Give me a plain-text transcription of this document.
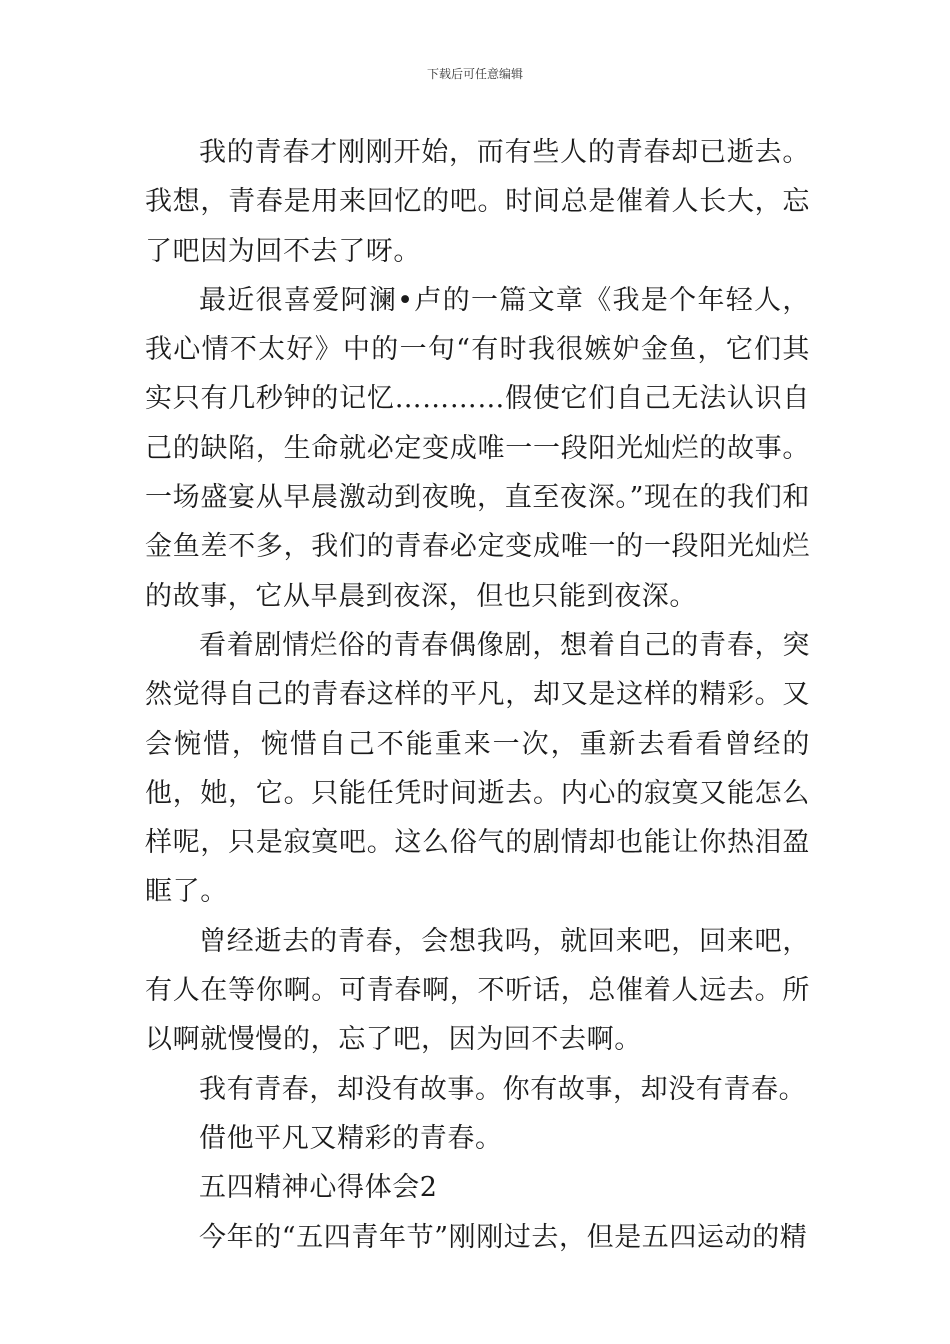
下载后可任意编辑

我的青春才刚刚开始，而有些人的青春却已逝去。我想，青春是用来回忆的吧。时间总是催着人长大，忘了吧因为回不去了呀。

最近很喜爱阿澜•卢的一篇文章《我是个年轻人，我心情不太好》中的一句“有时我很嫉妒金鱼，它们其实只有几秒钟的记忆…………假使它们自己无法认识自己的缺陷，生命就必定变成唯一一段阳光灿烂的故事。一场盛宴从早晨激动到夜晚，直至夜深。”现在的我们和金鱼差不多，我们的青春必定变成唯一的一段阳光灿烂的故事，它从早晨到夜深，但也只能到夜深。

看着剧情烂俗的青春偶像剧，想着自己的青春，突然觉得自己的青春这样的平凡，却又是这样的精彩。又会惋惜，惋惜自己不能重来一次，重新去看看曾经的他，她，它。只能任凭时间逝去。内心的寂寞又能怎么样呢，只是寂寞吧。这么俗气的剧情却也能让你热泪盈眶了。

曾经逝去的青春，会想我吗，就回来吧，回来吧，有人在等你啊。可青春啊，不听话，总催着人远去。所以啊就慢慢的，忘了吧，因为回不去啊。

我有青春，却没有故事。你有故事，却没有青春。

借他平凡又精彩的青春。

五四精神心得体会2

今年的“五四青年节”刚刚过去，但是五四运动的精
